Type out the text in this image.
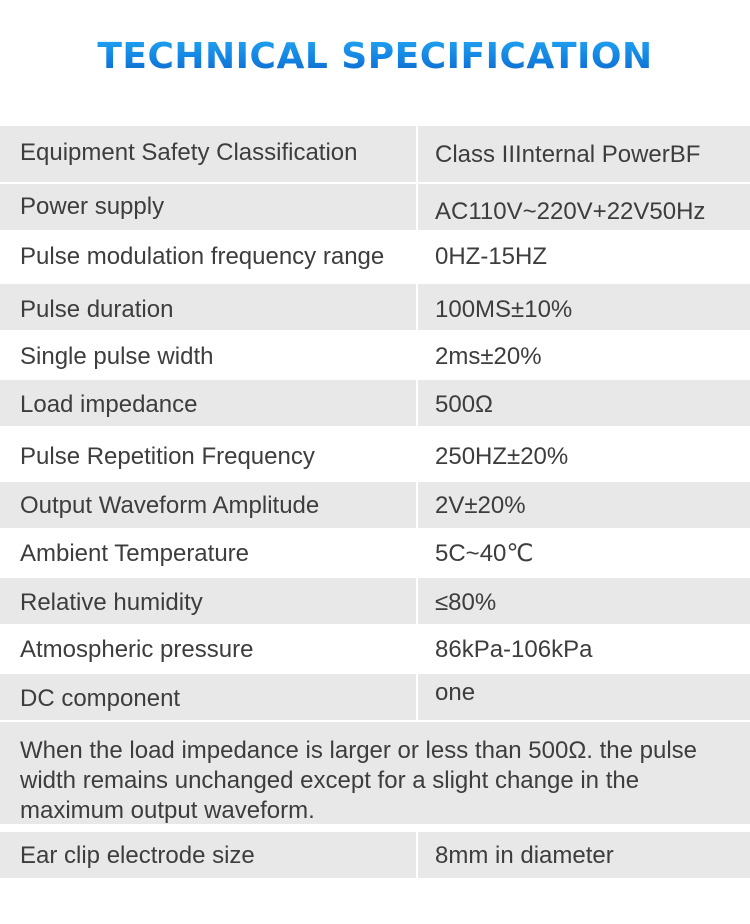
TECHNICAL SPECIFICATION
Equipment Safety Classification	Class IIInternal PowerBF
Power supply	AC110V~220V+22V50Hz
Pulse modulation frequency range	0HZ-15HZ
Pulse duration	100MS±10%
Single pulse width	2ms±20%
Load impedance	500Ω
Pulse Repetition Frequency	250HZ±20%
Output Waveform Amplitude	2V±20%
Ambient Temperature	5C~40℃
Relative humidity	≤80%
Atmospheric pressure	86kPa-106kPa
DC component	one
When the load impedance is larger or less than 500Ω. the pulse width remains unchanged except for a slight change in the maximum output waveform.
Ear clip electrode size	8mm in diameter
